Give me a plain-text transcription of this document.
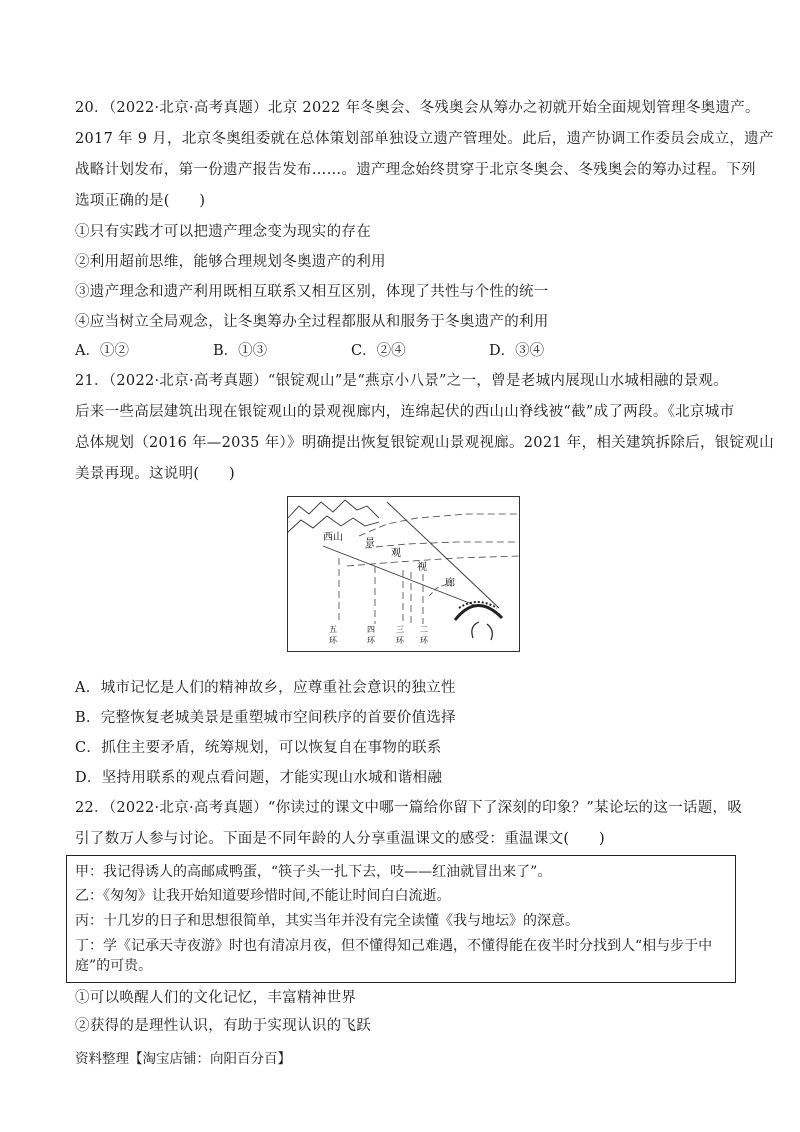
20．（2022·北京·高考真题）北京 2022 年冬奥会、冬残奥会从筹办之初就开始全面规划管理冬奥遗产。
2017 年 9 月，北京冬奥组委就在总体策划部单独设立遗产管理处。此后，遗产协调工作委员会成立，遗产
战略计划发布，第一份遗产报告发布……。遗产理念始终贯穿于北京冬奥会、冬残奥会的筹办过程。下列
选项正确的是(　　)
①只有实践才可以把遗产理念变为现实的存在
②利用超前思维，能够合理规划冬奥遗产的利用
③遗产理念和遗产利用既相互联系又相互区别，体现了共性与个性的统一
④应当树立全局观念，让冬奥筹办全过程都服从和服务于冬奥遗产的利用
A．①②	B．①③	C．②④	D．③④
21．（2022·北京·高考真题）“银锭观山”是“燕京小八景”之一，曾是老城内展现山水城相融的景观。
后来一些高层建筑出现在银锭观山的景观视廊内，连绵起伏的西山山脊线被“截”成了两段。《北京城市
总体规划（2016 年—2035 年）》明确提出恢复银锭观山景观视廊。2021 年，相关建筑拆除后，银锭观山
美景再现。这说明(　　)
西山
景
观
视
廊
五
环
四
环
三
环
二
环
A．城市记忆是人们的精神故乡，应尊重社会意识的独立性
B．完整恢复老城美景是重塑城市空间秩序的首要价值选择
C．抓住主要矛盾，统筹规划，可以恢复自在事物的联系
D．坚持用联系的观点看问题，才能实现山水城和谐相融
22．（2022·北京·高考真题）“你读过的课文中哪一篇给你留下了深刻的印象？”某论坛的这一话题，吸
引了数万人参与讨论。下面是不同年龄的人分享重温课文的感受：重温课文(　　)
甲：我记得诱人的高邮咸鸭蛋，“筷子头一扎下去，吱——红油就冒出来了”。
乙：《匆匆》让我开始知道要珍惜时间,不能让时间白白流逝。
丙：十几岁的日子和思想很简单，其实当年并没有完全读懂《我与地坛》的深意。
丁：学《记承天寺夜游》时也有清凉月夜，但不懂得知己难遇，不懂得能在夜半时分找到人“相与步于中
庭”的可贵。
①可以唤醒人们的文化记忆，丰富精神世界
②获得的是理性认识，有助于实现认识的飞跃
资料整理【淘宝店铺：向阳百分百】
